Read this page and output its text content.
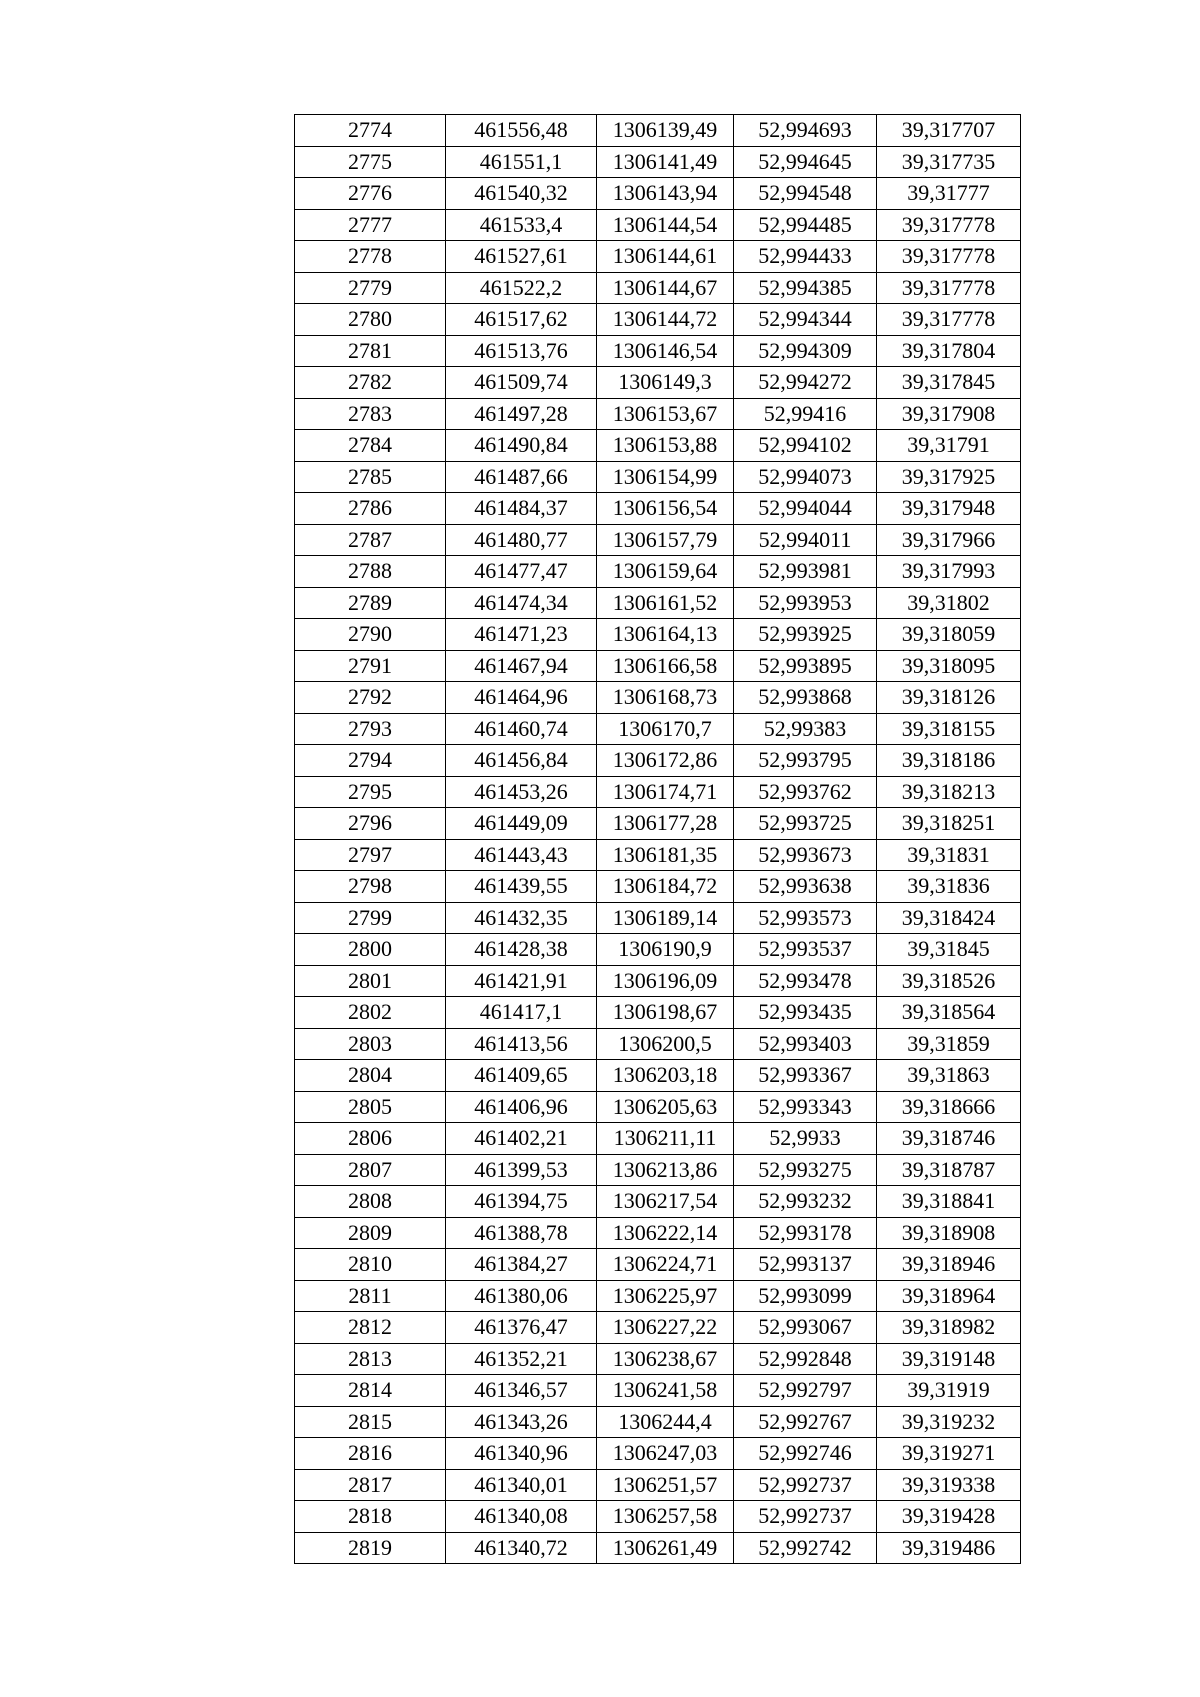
2774	461556,48	1306139,49	52,994693	39,317707
2775	461551,1	1306141,49	52,994645	39,317735
2776	461540,32	1306143,94	52,994548	39,31777
2777	461533,4	1306144,54	52,994485	39,317778
2778	461527,61	1306144,61	52,994433	39,317778
2779	461522,2	1306144,67	52,994385	39,317778
2780	461517,62	1306144,72	52,994344	39,317778
2781	461513,76	1306146,54	52,994309	39,317804
2782	461509,74	1306149,3	52,994272	39,317845
2783	461497,28	1306153,67	52,99416	39,317908
2784	461490,84	1306153,88	52,994102	39,31791
2785	461487,66	1306154,99	52,994073	39,317925
2786	461484,37	1306156,54	52,994044	39,317948
2787	461480,77	1306157,79	52,994011	39,317966
2788	461477,47	1306159,64	52,993981	39,317993
2789	461474,34	1306161,52	52,993953	39,31802
2790	461471,23	1306164,13	52,993925	39,318059
2791	461467,94	1306166,58	52,993895	39,318095
2792	461464,96	1306168,73	52,993868	39,318126
2793	461460,74	1306170,7	52,99383	39,318155
2794	461456,84	1306172,86	52,993795	39,318186
2795	461453,26	1306174,71	52,993762	39,318213
2796	461449,09	1306177,28	52,993725	39,318251
2797	461443,43	1306181,35	52,993673	39,31831
2798	461439,55	1306184,72	52,993638	39,31836
2799	461432,35	1306189,14	52,993573	39,318424
2800	461428,38	1306190,9	52,993537	39,31845
2801	461421,91	1306196,09	52,993478	39,318526
2802	461417,1	1306198,67	52,993435	39,318564
2803	461413,56	1306200,5	52,993403	39,31859
2804	461409,65	1306203,18	52,993367	39,31863
2805	461406,96	1306205,63	52,993343	39,318666
2806	461402,21	1306211,11	52,9933	39,318746
2807	461399,53	1306213,86	52,993275	39,318787
2808	461394,75	1306217,54	52,993232	39,318841
2809	461388,78	1306222,14	52,993178	39,318908
2810	461384,27	1306224,71	52,993137	39,318946
2811	461380,06	1306225,97	52,993099	39,318964
2812	461376,47	1306227,22	52,993067	39,318982
2813	461352,21	1306238,67	52,992848	39,319148
2814	461346,57	1306241,58	52,992797	39,31919
2815	461343,26	1306244,4	52,992767	39,319232
2816	461340,96	1306247,03	52,992746	39,319271
2817	461340,01	1306251,57	52,992737	39,319338
2818	461340,08	1306257,58	52,992737	39,319428
2819	461340,72	1306261,49	52,992742	39,319486
